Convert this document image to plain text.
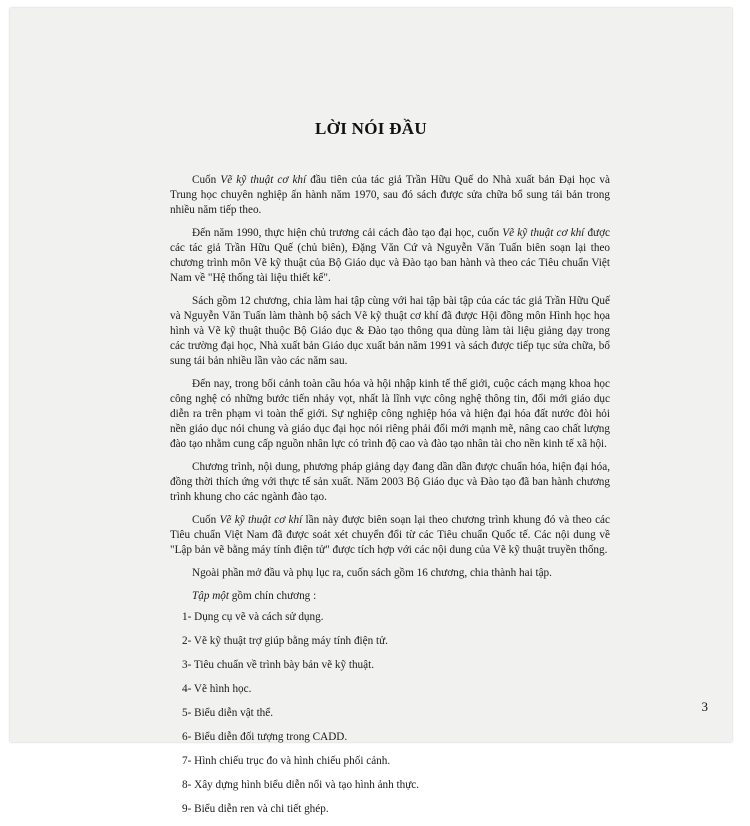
LỜI NÓI ĐẦU

Cuốn Vẽ kỹ thuật cơ khí đầu tiên của tác giả Trần Hữu Quế do Nhà xuất bản Đại học và Trung học chuyên nghiệp ấn hành năm 1970, sau đó sách được sửa chữa bổ sung tái bản trong nhiều năm tiếp theo.

Đến năm 1990, thực hiện chủ trương cải cách đào tạo đại học, cuốn Vẽ kỹ thuật cơ khí được các tác giả Trần Hữu Quế (chủ biên), Đặng Văn Cứ và Nguyễn Văn Tuấn biên soạn lại theo chương trình môn Vẽ kỹ thuật của Bộ Giáo dục và Đào tạo ban hành và theo các Tiêu chuẩn Việt Nam về "Hệ thống tài liệu thiết kế".

Sách gồm 12 chương, chia làm hai tập cùng với hai tập bài tập của các tác giả Trần Hữu Quế và Nguyễn Văn Tuấn làm thành bộ sách Vẽ kỹ thuật cơ khí đã được Hội đồng môn Hình học họa hình và Vẽ kỹ thuật thuộc Bộ Giáo dục & Đào tạo thông qua dùng làm tài liệu giảng dạy trong các trường đại học, Nhà xuất bản Giáo dục xuất bản năm 1991 và sách được tiếp tục sửa chữa, bổ sung tái bản nhiều lần vào các năm sau.

Đến nay, trong bối cảnh toàn cầu hóa và hội nhập kinh tế thế giới, cuộc cách mạng khoa học công nghệ có những bước tiến nhảy vọt, nhất là lĩnh vực công nghệ thông tin, đổi mới giáo dục diễn ra trên phạm vi toàn thế giới. Sự nghiệp công nghiệp hóa và hiện đại hóa đất nước đòi hỏi nền giáo dục nói chung và giáo dục đại học nói riêng phải đổi mới mạnh mẽ, nâng cao chất lượng đào tạo nhằm cung cấp nguồn nhân lực có trình độ cao và đào tạo nhân tài cho nền kinh tế xã hội.

Chương trình, nội dung, phương pháp giảng dạy đang dần dần được chuẩn hóa, hiện đại hóa, đồng thời thích ứng với thực tế sản xuất. Năm 2003 Bộ Giáo dục và Đào tạo đã ban hành chương trình khung cho các ngành đào tạo.

Cuốn Vẽ kỹ thuật cơ khí lần này được biên soạn lại theo chương trình khung đó và theo các Tiêu chuẩn Việt Nam đã được soát xét chuyển đổi từ các Tiêu chuẩn Quốc tế. Các nội dung về "Lập bản vẽ bằng máy tính điện tử" được tích hợp với các nội dung của Vẽ kỹ thuật truyền thống.

Ngoài phần mở đầu và phụ lục ra, cuốn sách gồm 16 chương, chia thành hai tập.

Tập một gồm chín chương :

1- Dụng cụ vẽ và cách sử dụng.
2- Vẽ kỹ thuật trợ giúp bằng máy tính điện tử.
3- Tiêu chuẩn về trình bày bản vẽ kỹ thuật.
4- Vẽ hình học.
5- Biểu diễn vật thể.
6- Biểu diễn đối tượng trong CADD.
7- Hình chiếu trục đo và hình chiếu phối cảnh.
8- Xây dựng hình biểu diễn nổi và tạo hình ảnh thực.
9- Biểu diễn ren và chi tiết ghép.
3
